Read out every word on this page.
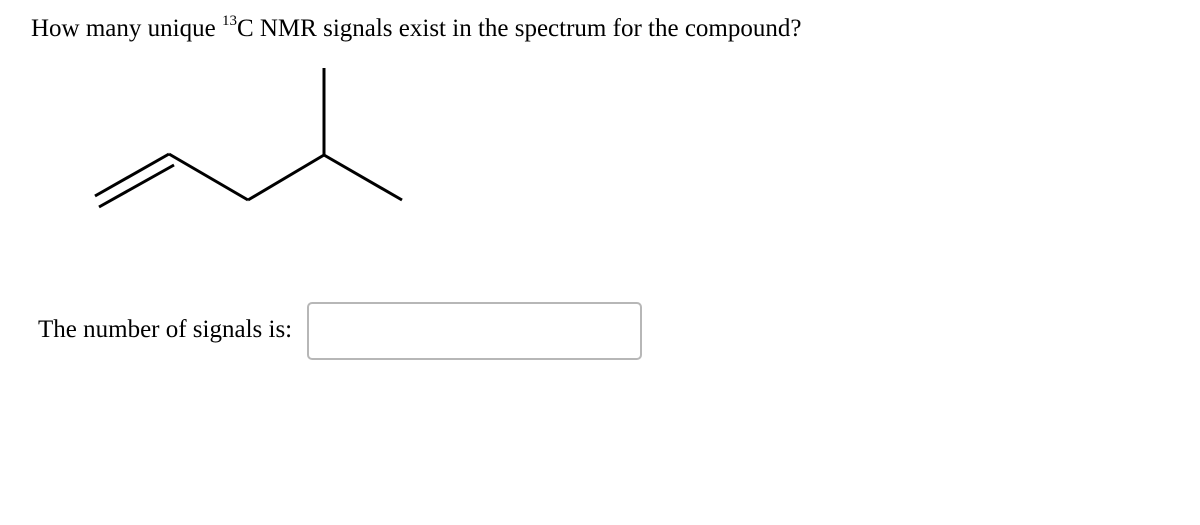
How many unique $^{13}$C NMR signals exist in the spectrum for the compound?
The number of signals is:
